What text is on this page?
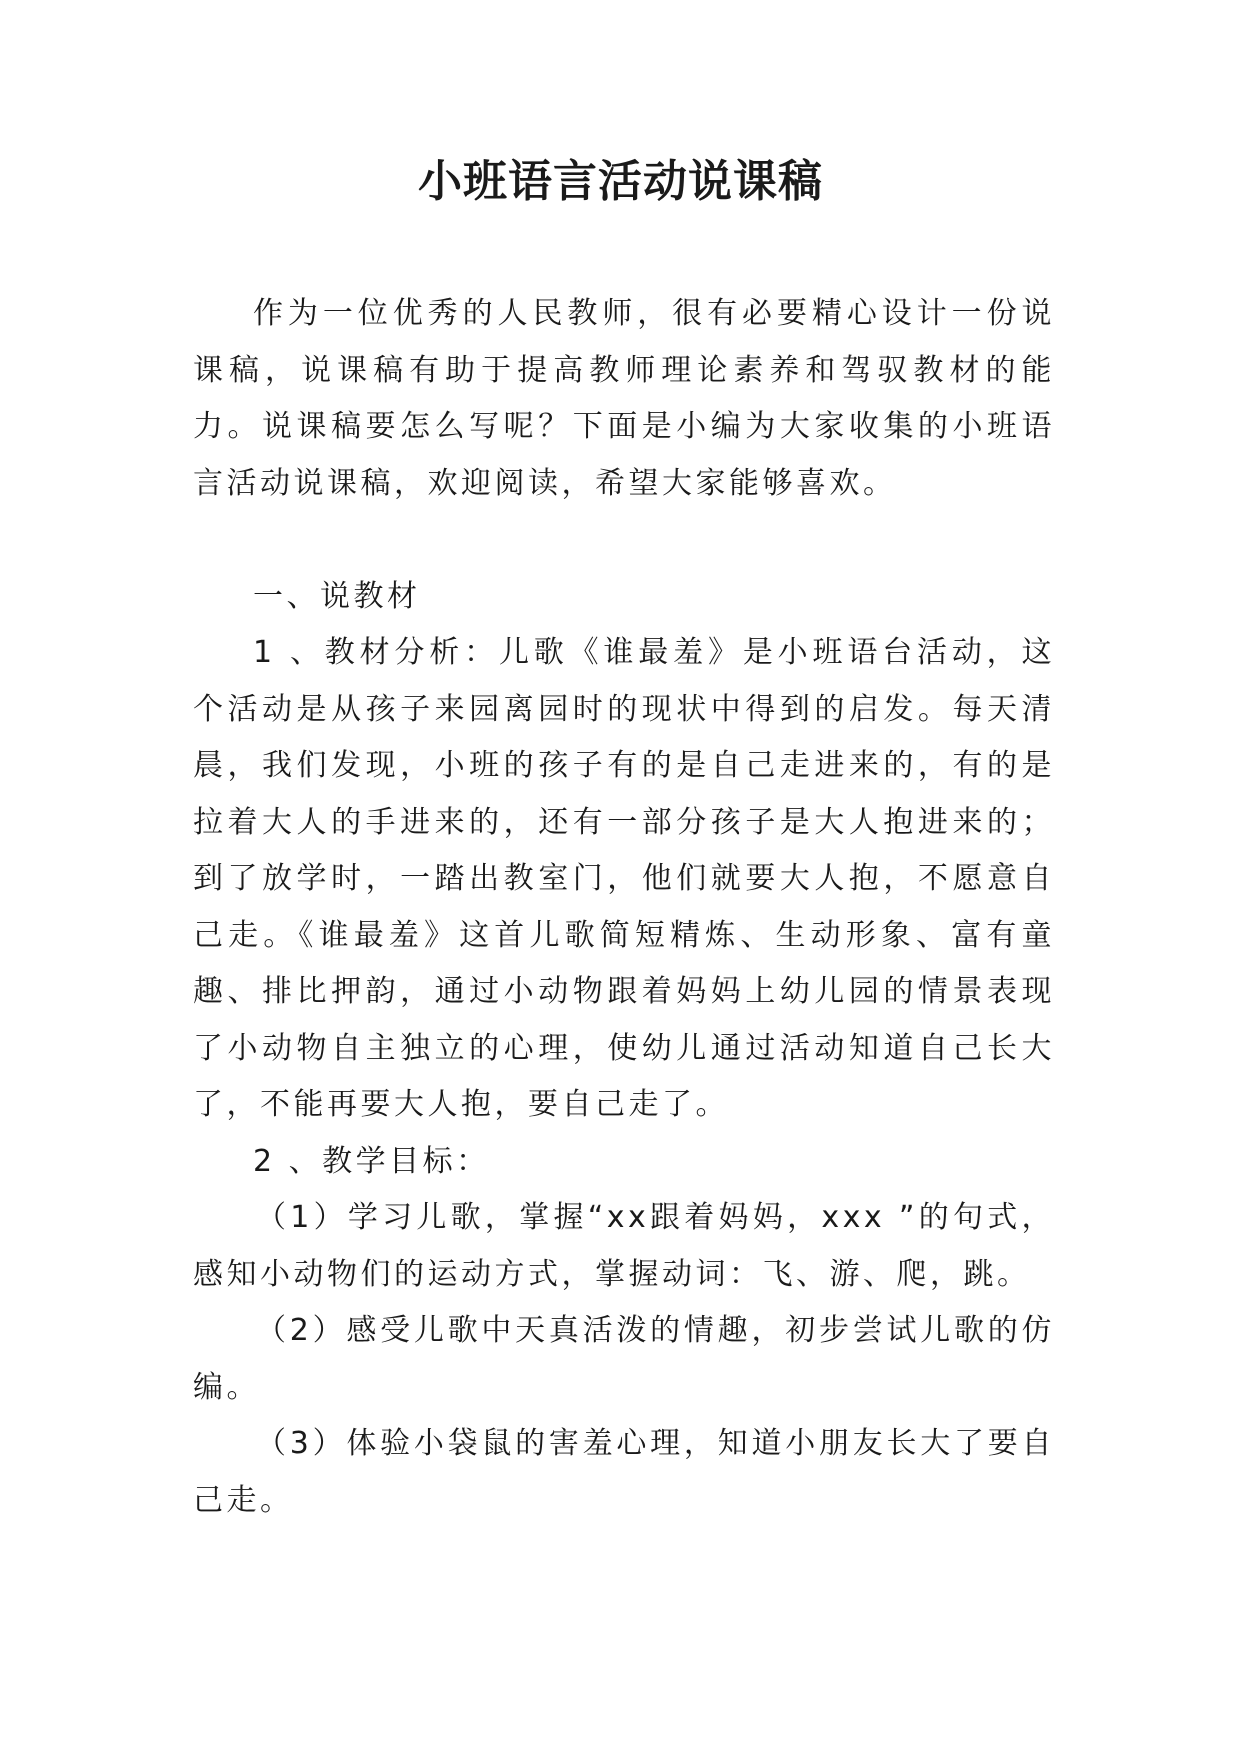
小班语言活动说课稿

作为一位优秀的人民教师，很有必要精心设计一份说课稿，说课稿有助于提高教师理论素养和驾驭教材的能力。说课稿要怎么写呢？下面是小编为大家收集的小班语言活动说课稿，欢迎阅读，希望大家能够喜欢。

一、说教材

1 、教材分析：儿歌《谁最羞》是小班语台活动，这个活动是从孩子来园离园时的现状中得到的启发。每天清晨，我们发现，小班的孩子有的是自己走进来的，有的是拉着大人的手进来的，还有一部分孩子是大人抱进来的；到了放学时，一踏出教室门，他们就要大人抱，不愿意自己走。《谁最羞》这首儿歌简短精炼、生动形象、富有童趣、排比押韵，通过小动物跟着妈妈上幼儿园的情景表现了小动物自主独立的心理，使幼儿通过活动知道自己长大了，不能再要大人抱，要自己走了。

2 、教学目标：

（1）学习儿歌，掌握“xx跟着妈妈，xxx ”的句式，感知小动物们的运动方式，掌握动词：飞、游、爬，跳。

（2）感受儿歌中天真活泼的情趣，初步尝试儿歌的仿编。

（3）体验小袋鼠的害羞心理，知道小朋友长大了要自己走。
